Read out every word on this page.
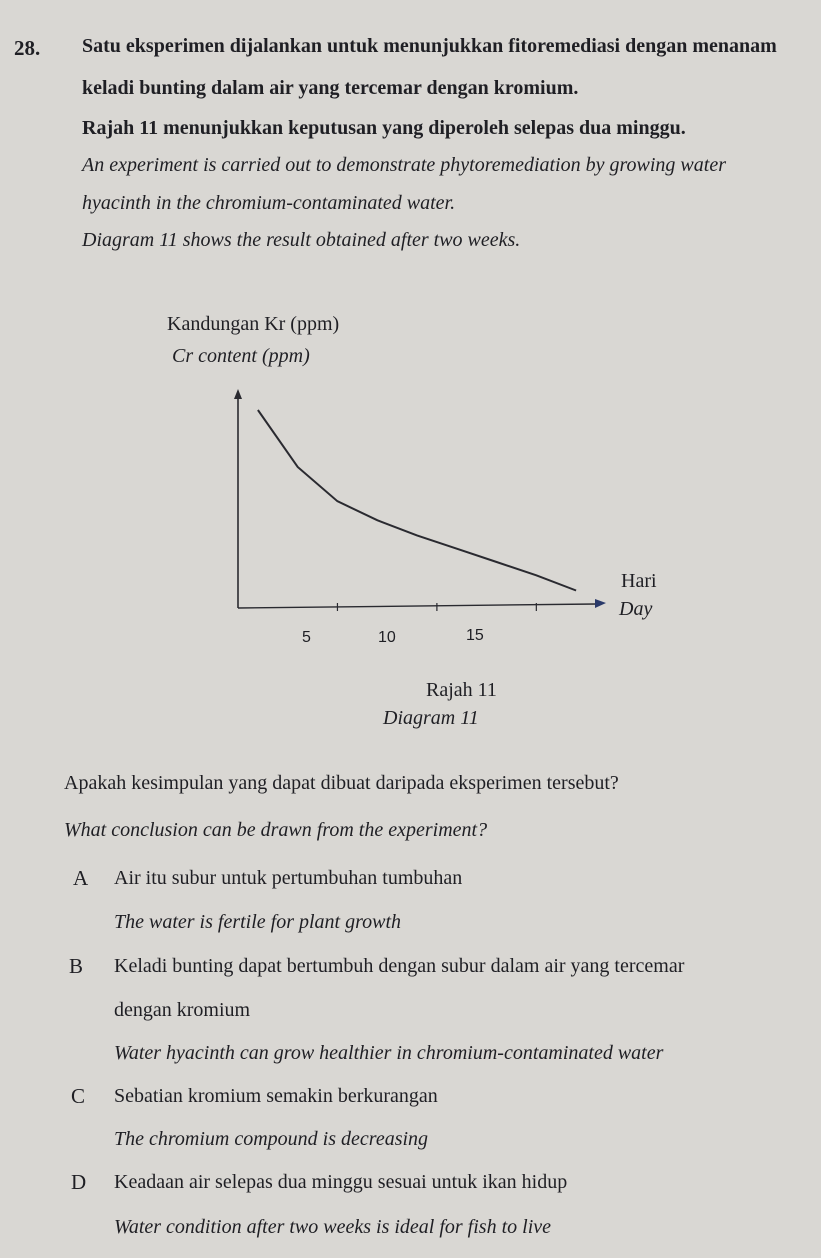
28. Satu eksperimen dijalankan untuk menunjukkan fitoremediasi dengan menanam
keladi bunting dalam air yang tercemar dengan kromium.
Rajah 11 menunjukkan keputusan yang diperoleh selepas dua minggu.
An experiment is carried out to demonstrate phytoremediation by growing water
hyacinth in the chromium-contaminated water.
Diagram 11 shows the result obtained after two weeks.
Kandungan Kr (ppm)
Cr content (ppm)
5	10	15
Hari
Day
Rajah 11
Diagram 11
Apakah kesimpulan yang dapat dibuat daripada eksperimen tersebut?
What conclusion can be drawn from the experiment?
A Air itu subur untuk pertumbuhan tumbuhan
The water is fertile for plant growth
B Keladi bunting dapat bertumbuh dengan subur dalam air yang tercemar
dengan kromium
Water hyacinth can grow healthier in chromium-contaminated water
C Sebatian kromium semakin berkurangan
The chromium compound is decreasing
D Keadaan air selepas dua minggu sesuai untuk ikan hidup
Water condition after two weeks is ideal for fish to live
